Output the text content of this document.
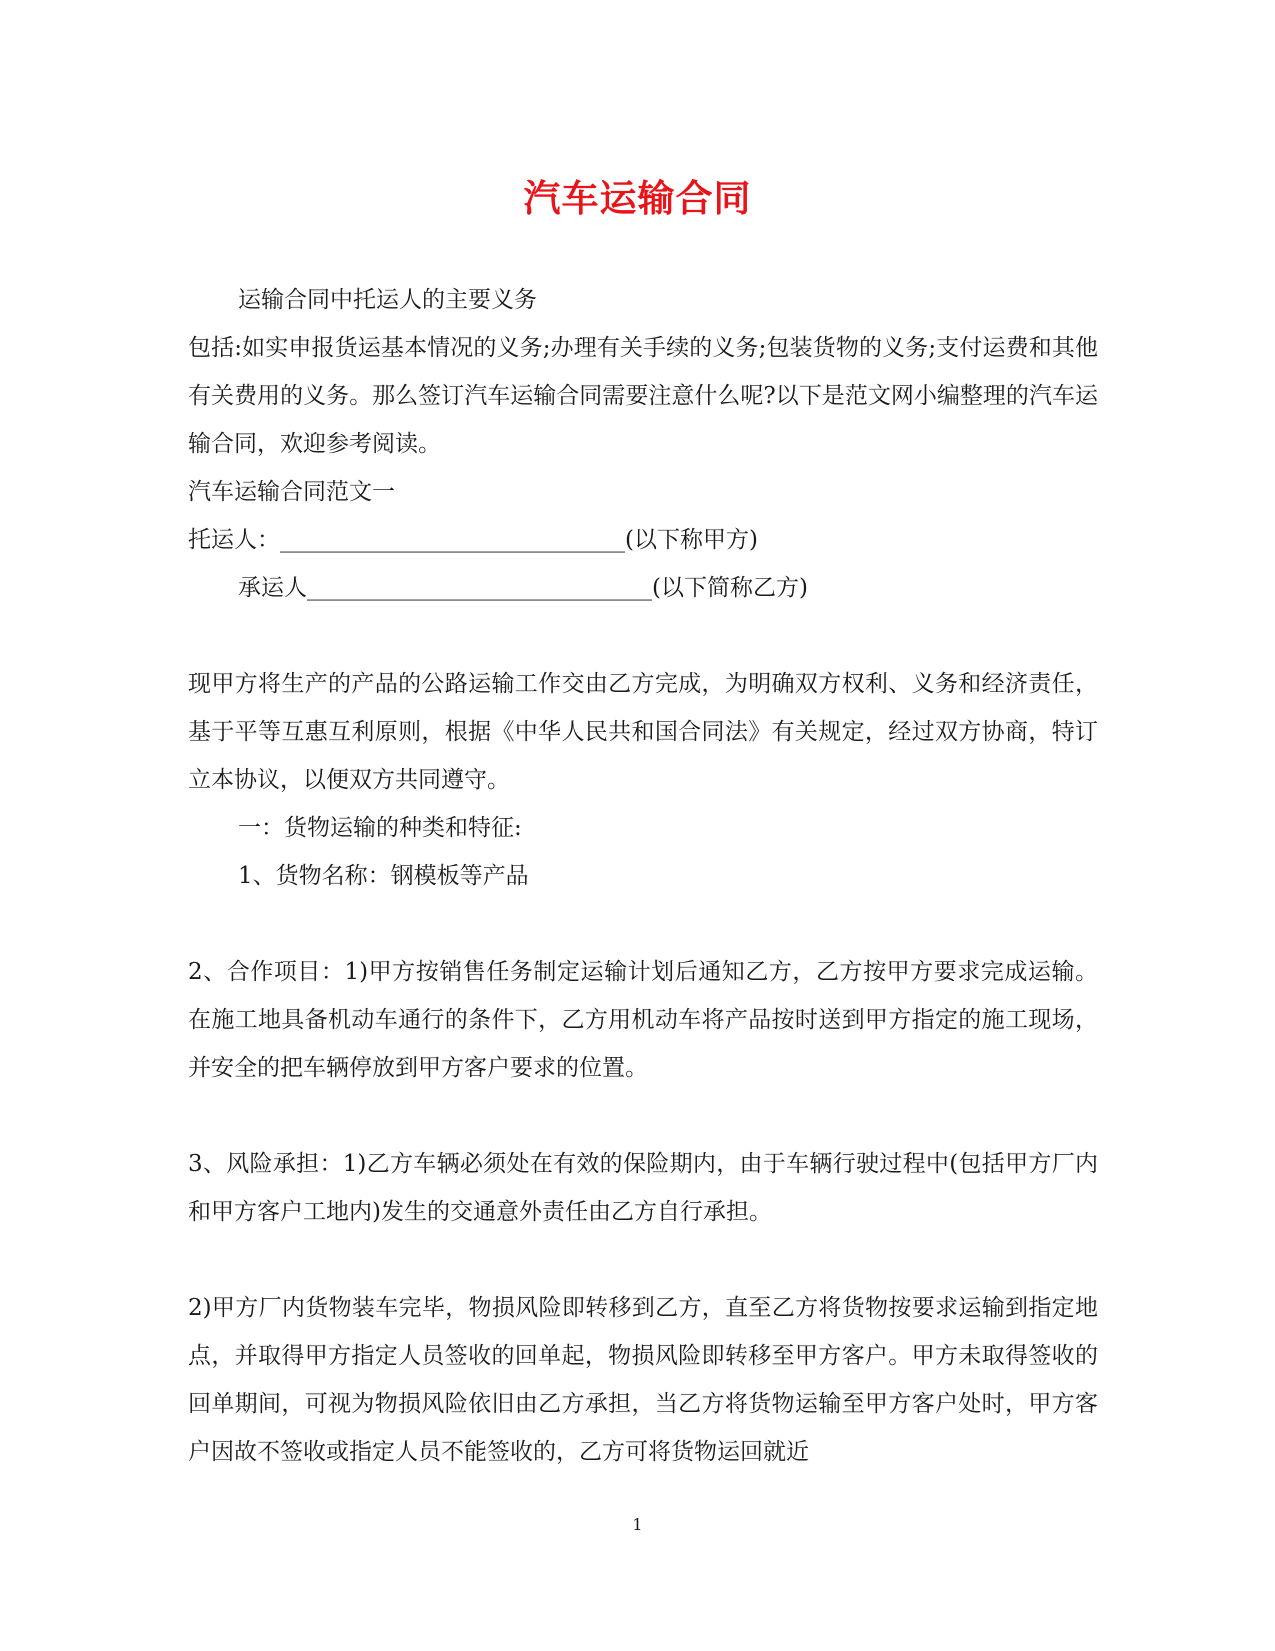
汽车运输合同

运输合同中托运人的主要义务

包括:如实申报货运基本情况的义务;办理有关手续的义务;包装货物的义务;支付运费和其他有关费用的义务。那么签订汽车运输合同需要注意什么呢?以下是范文网小编整理的汽车运输合同，欢迎参考阅读。

汽车运输合同范文一

托运人：______________________________(以下称甲方)

承运人______________________________(以下简称乙方)

现甲方将生产的产品的公路运输工作交由乙方完成，为明确双方权利、义务和经济责任，基于平等互惠互利原则，根据《中华人民共和国合同法》有关规定，经过双方协商，特订立本协议，以便双方共同遵守。

一：货物运输的种类和特征:

1、货物名称：钢模板等产品

2、合作项目：1)甲方按销售任务制定运输计划后通知乙方，乙方按甲方要求完成运输。在施工地具备机动车通行的条件下，乙方用机动车将产品按时送到甲方指定的施工现场，并安全的把车辆停放到甲方客户要求的位置。

3、风险承担：1)乙方车辆必须处在有效的保险期内，由于车辆行驶过程中(包括甲方厂内和甲方客户工地内)发生的交通意外责任由乙方自行承担。

2)甲方厂内货物装车完毕，物损风险即转移到乙方，直至乙方将货物按要求运输到指定地点，并取得甲方指定人员签收的回单起，物损风险即转移至甲方客户。甲方未取得签收的回单期间，可视为物损风险依旧由乙方承担，当乙方将货物运输至甲方客户处时，甲方客户因故不签收或指定人员不能签收的，乙方可将货物运回就近

1
